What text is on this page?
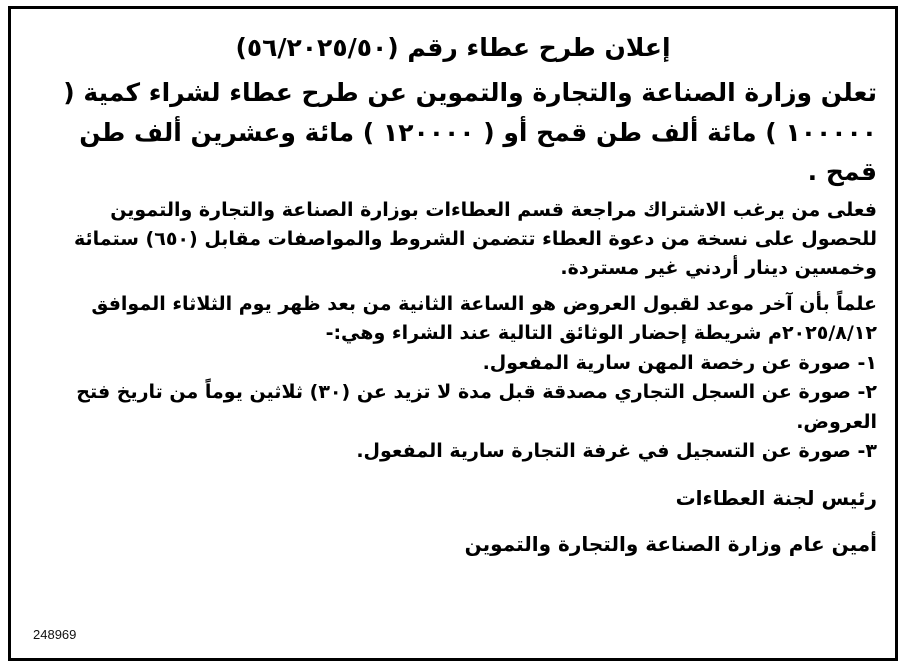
إعلان طرح عطاء رقم (٥٦/٢٠٢٥/٥٠)

تعلن وزارة الصناعة والتجارة والتموين عن طرح عطاء لشراء كمية ( ١٠٠٠٠٠ ) مائة ألف طن قمح أو ( ١٢٠٠٠٠ ) مائة وعشرين ألف طن قمح .

فعلى من يرغب الاشتراك مراجعة قسم العطاءات بوزارة الصناعة والتجارة والتموين للحصول على نسخة من دعوة العطاء تتضمن الشروط والمواصفات مقابل (٦٥٠) ستمائة وخمسين دينار أردني غير مستردة.

علماً بأن آخر موعد لقبول العروض هو الساعة الثانية من بعد ظهر يوم الثلاثاء الموافق ٢٠٢٥/٨/١٢م شريطة إحضار الوثائق التالية عند الشراء وهي:-

١- صورة عن رخصة المهن سارية المفعول.

٢- صورة عن السجل التجاري مصدقة قبل مدة لا تزيد عن (٣٠) ثلاثين يوماً من تاريخ فتح العروض.

٣- صورة عن التسجيل في غرفة التجارة سارية المفعول.

رئيس لجنة العطاءات

أمين عام وزارة الصناعة والتجارة والتموين

248969
